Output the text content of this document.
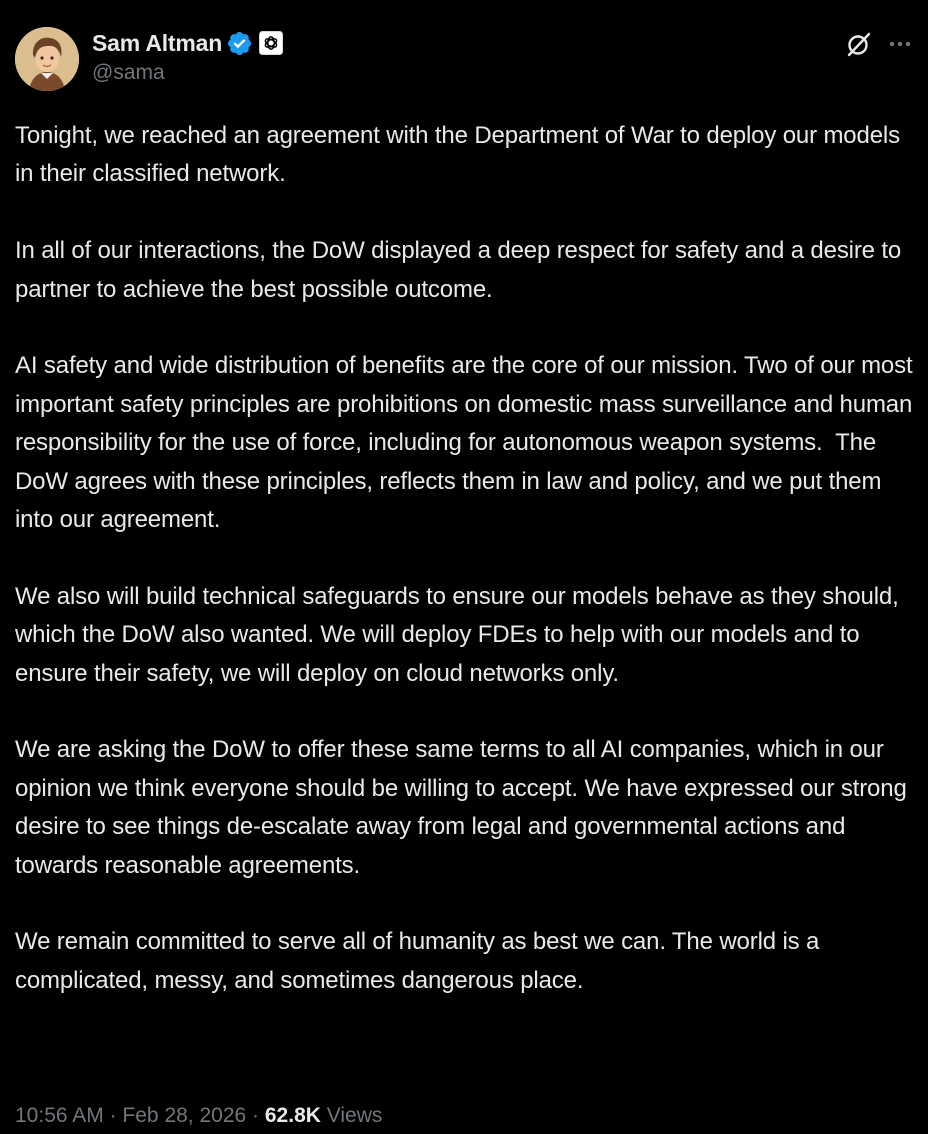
Sam Altman
@sama

Tonight, we reached an agreement with the Department of War to deploy our models in their classified network.

In all of our interactions, the DoW displayed a deep respect for safety and a desire to partner to achieve the best possible outcome.

AI safety and wide distribution of benefits are the core of our mission. Two of our most important safety principles are prohibitions on domestic mass surveillance and human responsibility for the use of force, including for autonomous weapon systems.  The DoW agrees with these principles, reflects them in law and policy, and we put them into our agreement.

We also will build technical safeguards to ensure our models behave as they should, which the DoW also wanted. We will deploy FDEs to help with our models and to ensure their safety, we will deploy on cloud networks only.

We are asking the DoW to offer these same terms to all AI companies, which in our opinion we think everyone should be willing to accept. We have expressed our strong desire to see things de-escalate away from legal and governmental actions and towards reasonable agreements.

We remain committed to serve all of humanity as best we can. The world is a complicated, messy, and sometimes dangerous place.

10:56 AM · Feb 28, 2026 · 62.8K Views
